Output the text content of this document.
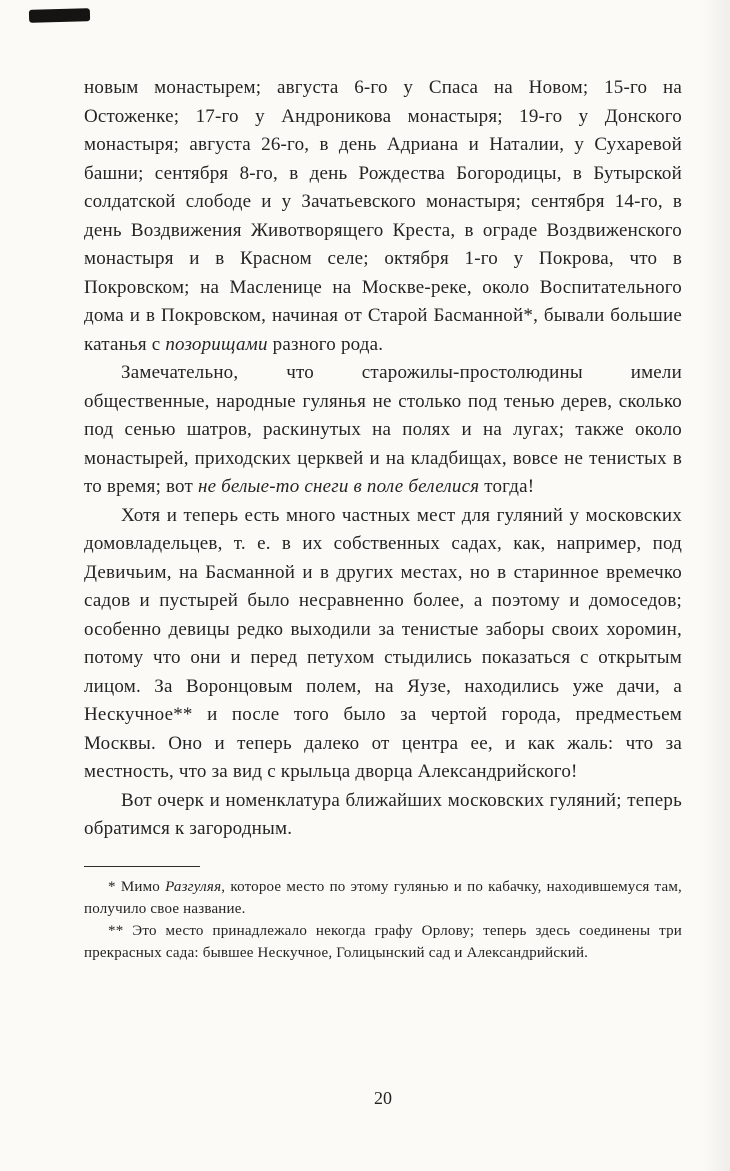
новым монастырем; августа 6-го у Спаса на Новом; 15-го на Остоженке; 17-го у Андроникова монастыря; 19-го у Донского монастыря; августа 26-го, в день Адриана и Наталии, у Сухаревой башни; сентября 8-го, в день Рождества Богородицы, в Бутырской солдатской слободе и у Зачатьевского монастыря; сентября 14-го, в день Воздвижения Животворящего Креста, в ограде Воздвиженского монастыря и в Красном селе; октября 1-го у Покрова, что в Покровском; на Масленице на Москве-реке, около Воспитательного дома и в Покровском, начиная от Старой Басманной*, бывали большие катанья с позорищами разного рода.

Замечательно, что старожилы-простолюдины имели общественные, народные гулянья не столько под тенью дерев, сколько под сенью шатров, раскинутых на полях и на лугах; также около монастырей, приходских церквей и на кладбищах, вовсе не тенистых в то время; вот не белые-то снеги в поле белелися тогда!

Хотя и теперь есть много частных мест для гуляний у московских домовладельцев, т. е. в их собственных садах, как, например, под Девичьим, на Басманной и в других местах, но в старинное времечко садов и пустырей было несравненно более, а поэтому и домоседов; особенно девицы редко выходили за тенистые заборы своих хоромин, потому что они и перед петухом стыдились показаться с открытым лицом. За Воронцовым полем, на Яузе, находились уже дачи, а Нескучное** и после того было за чертой города, предместьем Москвы. Оно и теперь далеко от центра ее, и как жаль: что за местность, что за вид с крыльца дворца Александрийского!

Вот очерк и номенклатура ближайших московских гуляний; теперь обратимся к загородным.

* Мимо Разгуляя, которое место по этому гулянью и по кабачку, находившемуся там, получило свое название.

** Это место принадлежало некогда графу Орлову; теперь здесь соединены три прекрасных сада: бывшее Нескучное, Голицынский сад и Александрийский.

20
